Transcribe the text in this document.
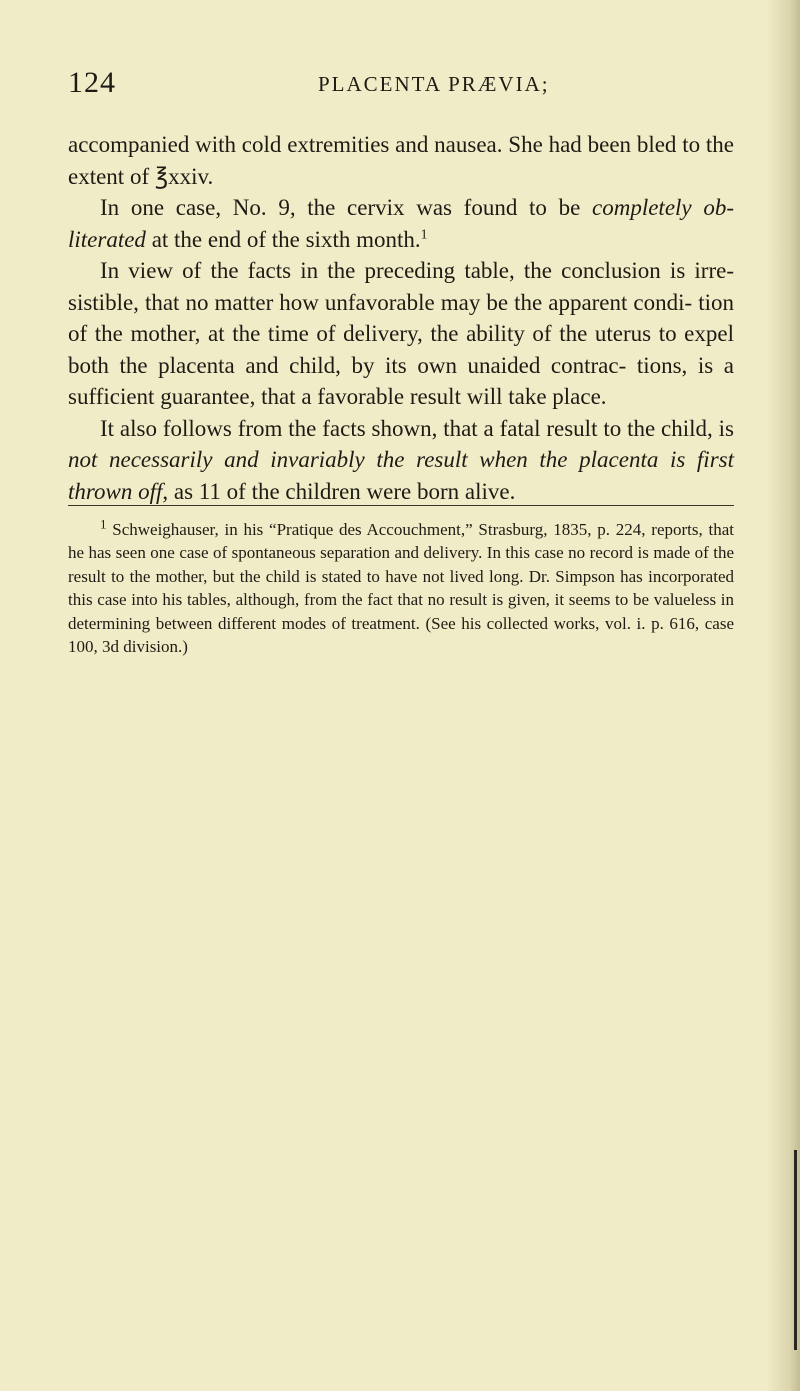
124	PLACENTA PRÆVIA;

accompanied with cold extremities and nausea. She had been bled to the extent of ℥xxiv.

In one case, No. 9, the cervix was found to be completely ob- literated at the end of the sixth month.$^1$

In view of the facts in the preceding table, the conclusion is irre- sistible, that no matter how unfavorable may be the apparent condi- tion of the mother, at the time of delivery, the ability of the uterus to expel both the placenta and child, by its own unaided contrac- tions, is a sufficient guarantee, that a favorable result will take place.

It also follows from the facts shown, that a fatal result to the child, is not necessarily and invariably the result when the placenta is first thrown off, as 11 of the children were born alive.

$^1$ Schweighauser, in his “Pratique des Accouchment,” Strasburg, 1835, p. 224, reports, that he has seen one case of spontaneous separation and delivery. In this case no record is made of the result to the mother, but the child is stated to have not lived long. Dr. Simpson has incorporated this case into his tables, although, from the fact that no result is given, it seems to be valueless in determining between different modes of treatment. (See his collected works, vol. i. p. 616, case 100, 3d division.)
